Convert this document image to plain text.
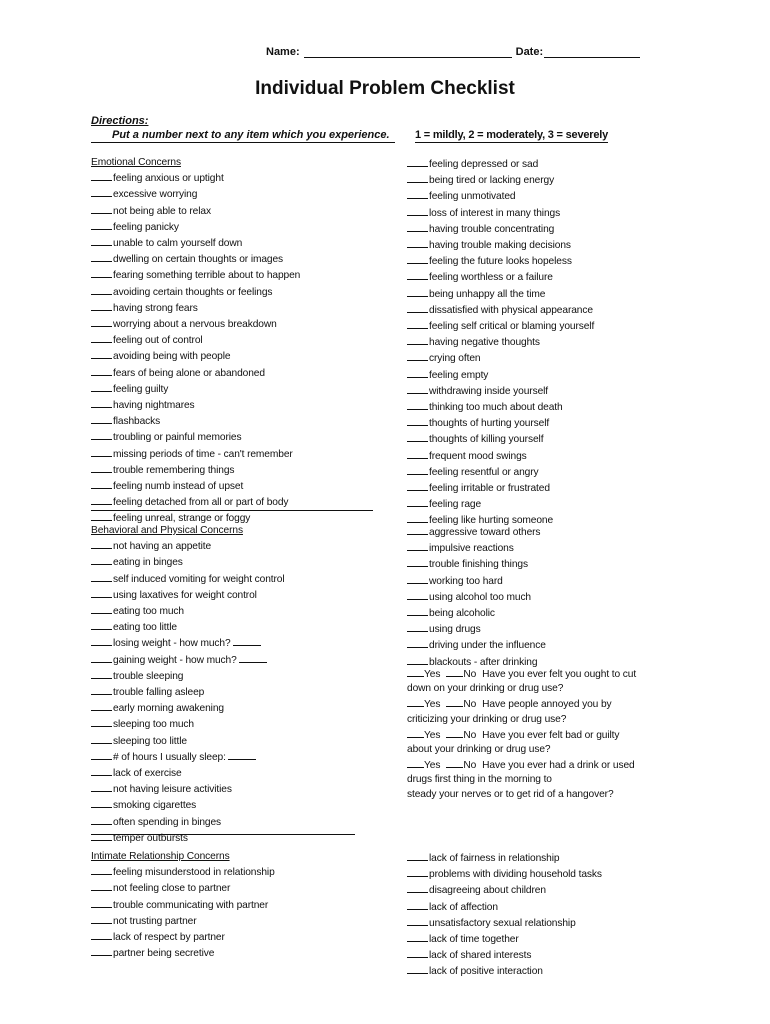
Name:	Date:
Individual Problem Checklist
Directions:
Put a number next to any item which you experience.	1 = mildly, 2 = moderately, 3 = severely
Emotional Concerns
feeling anxious or uptight
excessive worrying
not being able to relax
feeling panicky
unable to calm yourself down
dwelling on certain thoughts or images
fearing something terrible about to happen
avoiding certain thoughts or feelings
having strong fears
worrying about a nervous breakdown
feeling out of control
avoiding being with people
fears of being alone or abandoned
feeling guilty
having nightmares
flashbacks
troubling or painful memories
missing periods of time - can't remember
trouble remembering things
feeling numb instead of upset
feeling detached from all or part of body
feeling unreal, strange or foggy
feeling depressed or sad
being tired or lacking energy
feeling unmotivated
loss of interest in many things
having trouble concentrating
having trouble making decisions
feeling the future looks hopeless
feeling worthless or a failure
being unhappy all the time
dissatisfied with physical appearance
feeling self critical or blaming yourself
having negative thoughts
crying often
feeling empty
withdrawing inside yourself
thinking too much about death
thoughts of hurting yourself
thoughts of killing yourself
frequent mood swings
feeling resentful or angry
feeling irritable or frustrated
feeling rage
feeling like hurting someone
Behavioral and Physical Concerns
not having an appetite
eating in binges
self induced vomiting for weight control
using laxatives for weight control
eating too much
eating too little
losing weight - how much?
gaining weight - how much?
trouble sleeping
trouble falling asleep
early morning awakening
sleeping too much
sleeping too little
# of hours I usually sleep:
lack of exercise
not having leisure activities
smoking cigarettes
often spending in binges
temper outbursts
aggressive toward others
impulsive reactions
trouble finishing things
working too hard
using alcohol too much
being alcoholic
using drugs
driving under the influence
blackouts - after drinking
Yes No Have you ever felt you ought to cut
down on your drinking or drug use?
Yes No Have people annoyed you by
criticizing your drinking or drug use?
Yes No Have you ever felt bad or guilty
about your drinking or drug use?
Yes No Have you ever had a drink or used
drugs first thing in the morning to
steady your nerves or to get rid of a hangover?
Intimate Relationship Concerns
feeling misunderstood in relationship
not feeling close to partner
trouble communicating with partner
not trusting partner
lack of respect by partner
partner being secretive
lack of fairness in relationship
problems with dividing household tasks
disagreeing about children
lack of affection
unsatisfactory sexual relationship
lack of time together
lack of shared interests
lack of positive interaction
